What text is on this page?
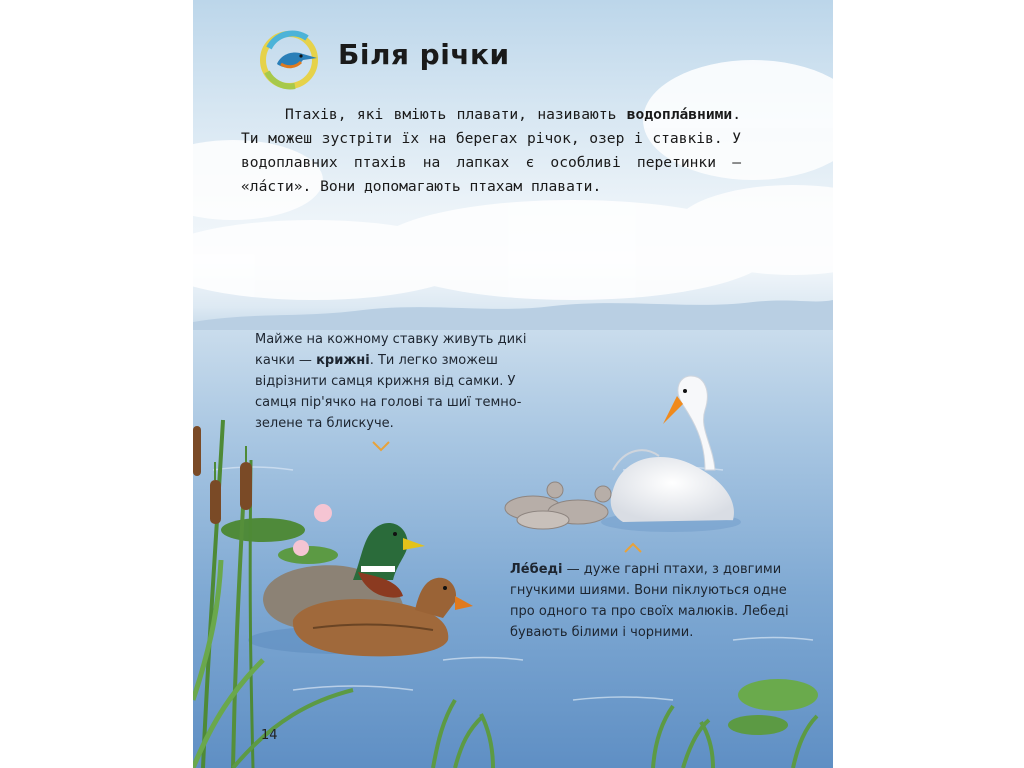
Біля річки

Птахів, які вміють плавати, називають водопла́вними. Ти можеш зустріти їх на берегах річок, озер і ставків. У водоплавних птахів на лапках є особливі перетинки — «ла́сти». Вони допомагають птахам плавати.

Майже на кожному ставку живуть дикі качки — крижні. Ти легко зможеш відрізнити самця крижня від самки. У самця пір'ячко на голові та шиї темно-зелене та блискуче.

Ле́беді — дуже гарні птахи, з довгими гнучкими шиями. Вони піклуються одне про одного та про своїх малюків. Лебеді бувають білими і чорними.

14
